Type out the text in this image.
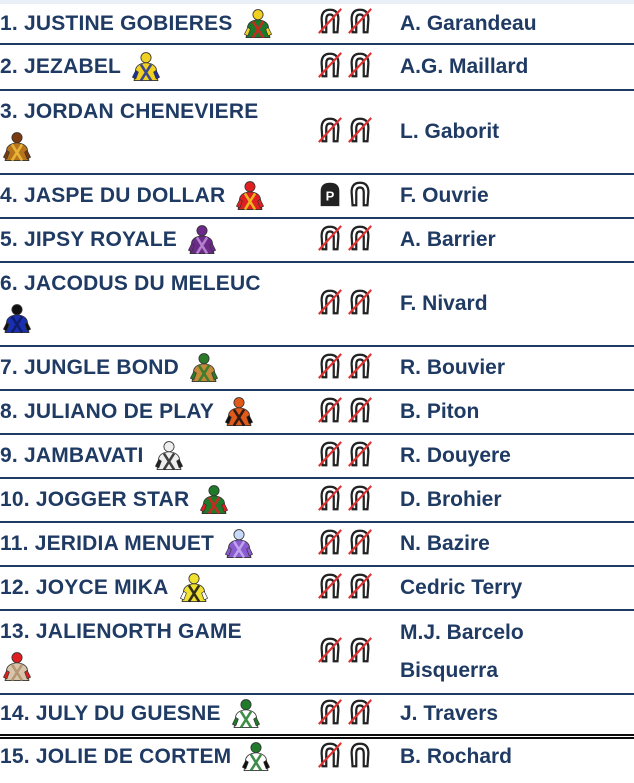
1. JUSTINE GOBIERES		A. Garandeau

2. JEZABEL		A.G. Maillard

3. JORDAN CHENEVIERE		L. Gaborit

4. JASPE DU DOLLAR	P	F. Ouvrie

5. JIPSY ROYALE		A. Barrier

6. JACODUS DU MELEUC		F. Nivard

7. JUNGLE BOND		R. Bouvier

8. JULIANO DE PLAY		B. Piton

9. JAMBAVATI		R. Douyere

10. JOGGER STAR		D. Brohier

11. JERIDIA MENUET		N. Bazire

12. JOYCE MIKA		Cedric Terry

13. JALIENORTH GAME		M.J. Barcelo
Bisquerra

14. JULY DU GUESNE		J. Travers

15. JOLIE DE CORTEM		B. Rochard
